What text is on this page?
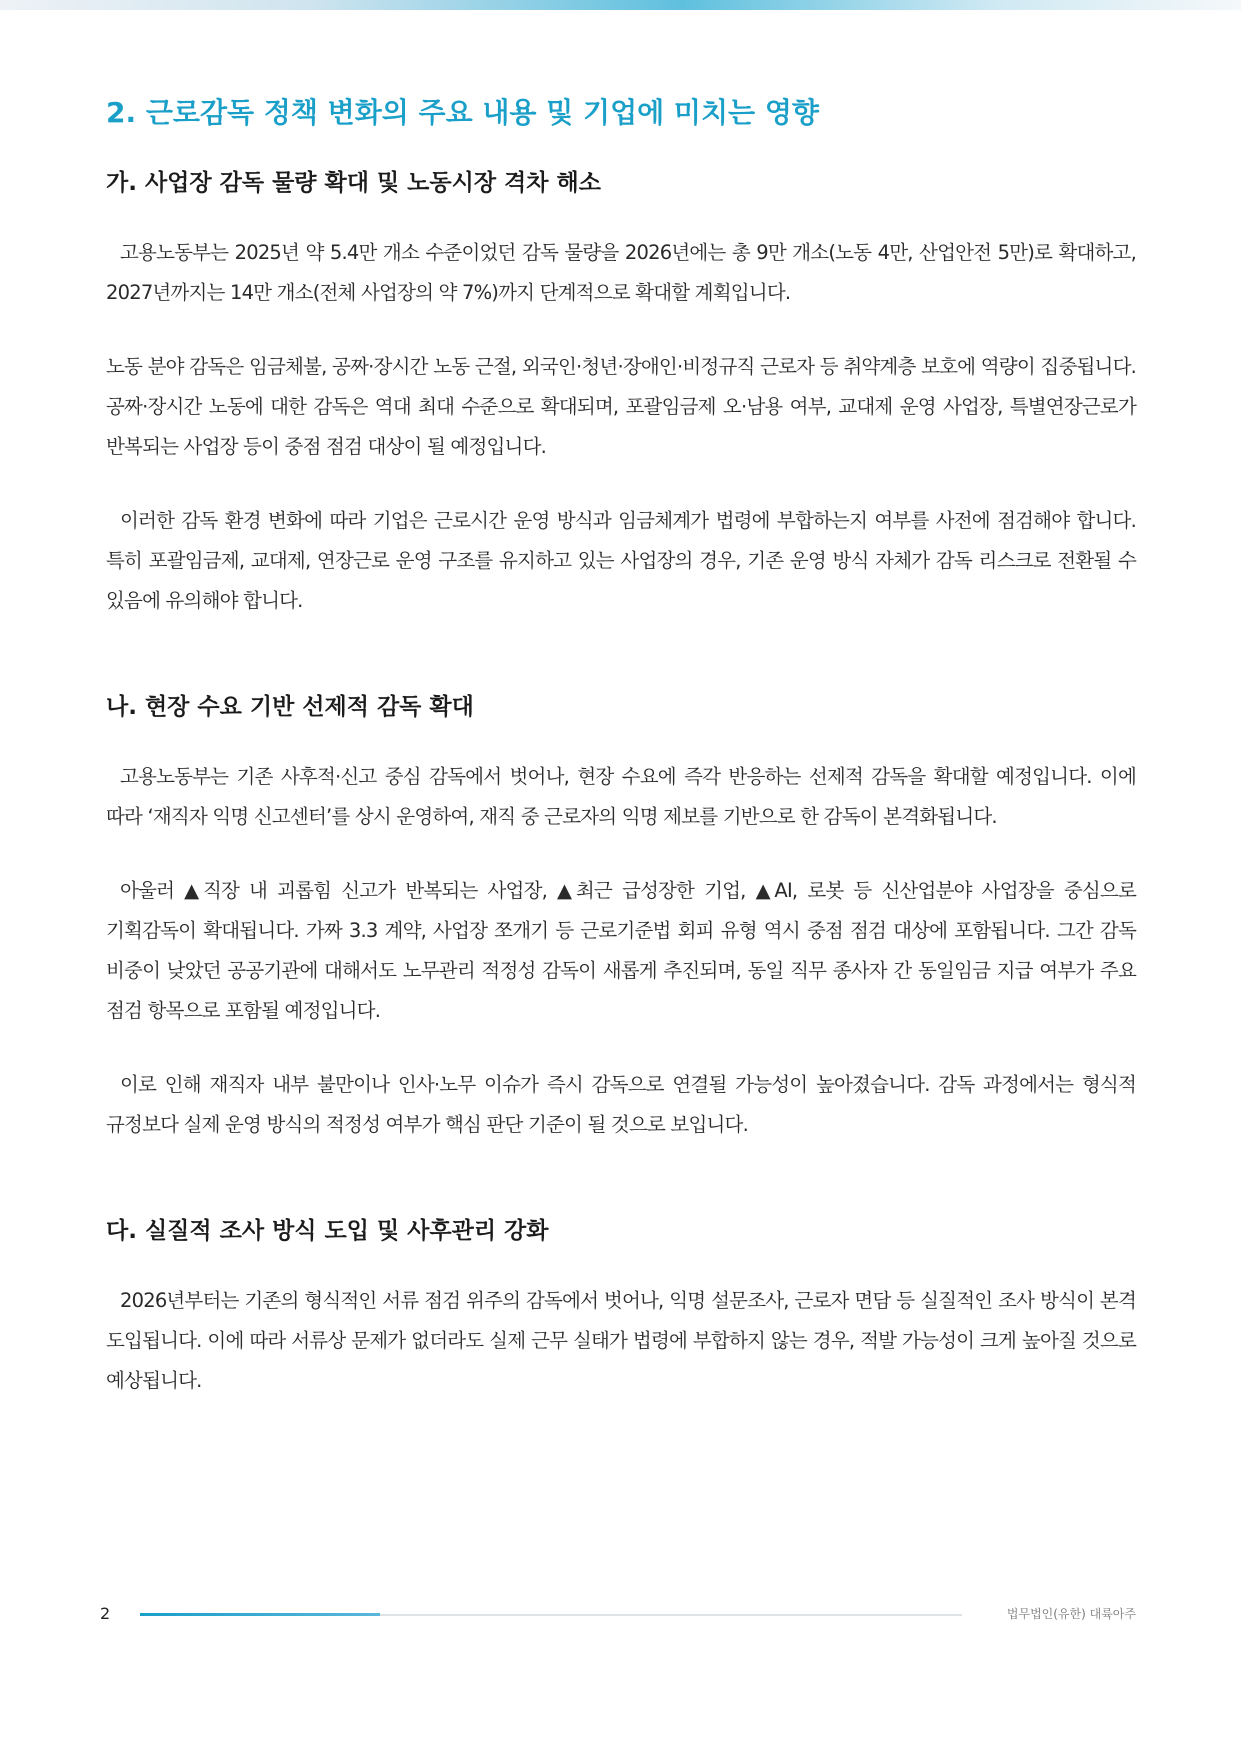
2. 근로감독 정책 변화의 주요 내용 및 기업에 미치는 영향
가. 사업장 감독 물량 확대 및 노동시장 격차 해소

고용노동부는 2025년 약 5.4만 개소 수준이었던 감독 물량을 2026년에는 총 9만 개소(노동 4만, 산업안전 5만)로 확대하고, 2027년까지는 14만 개소(전체 사업장의 약 7%)까지 단계적으로 확대할 계획입니다.

노동 분야 감독은 임금체불, 공짜·장시간 노동 근절, 외국인·청년·장애인·비정규직 근로자 등 취약계층 보호에 역량이 집중됩니다. 공짜·장시간 노동에 대한 감독은 역대 최대 수준으로 확대되며, 포괄임금제 오·남용 여부, 교대제 운영 사업장, 특별연장근로가 반복되는 사업장 등이 중점 점검 대상이 될 예정입니다.

이러한 감독 환경 변화에 따라 기업은 근로시간 운영 방식과 임금체계가 법령에 부합하는지 여부를 사전에 점검해야 합니다. 특히 포괄임금제, 교대제, 연장근로 운영 구조를 유지하고 있는 사업장의 경우, 기존 운영 방식 자체가 감독 리스크로 전환될 수 있음에 유의해야 합니다.

나. 현장 수요 기반 선제적 감독 확대

고용노동부는 기존 사후적·신고 중심 감독에서 벗어나, 현장 수요에 즉각 반응하는 선제적 감독을 확대할 예정입니다. 이에 따라 ‘재직자 익명 신고센터’를 상시 운영하여, 재직 중 근로자의 익명 제보를 기반으로 한 감독이 본격화됩니다.

아울러 ▲직장 내 괴롭힘 신고가 반복되는 사업장, ▲최근 급성장한 기업, ▲AI, 로봇 등 신산업분야 사업장을 중심으로 기획감독이 확대됩니다. 가짜 3.3 계약, 사업장 쪼개기 등 근로기준법 회피 유형 역시 중점 점검 대상에 포함됩니다. 그간 감독 비중이 낮았던 공공기관에 대해서도 노무관리 적정성 감독이 새롭게 추진되며, 동일 직무 종사자 간 동일임금 지급 여부가 주요 점검 항목으로 포함될 예정입니다.

이로 인해 재직자 내부 불만이나 인사·노무 이슈가 즉시 감독으로 연결될 가능성이 높아졌습니다. 감독 과정에서는 형식적 규정보다 실제 운영 방식의 적정성 여부가 핵심 판단 기준이 될 것으로 보입니다.

다. 실질적 조사 방식 도입 및 사후관리 강화

2026년부터는 기존의 형식적인 서류 점검 위주의 감독에서 벗어나, 익명 설문조사, 근로자 면담 등 실질적인 조사 방식이 본격 도입됩니다. 이에 따라 서류상 문제가 없더라도 실제 근무 실태가 법령에 부합하지 않는 경우, 적발 가능성이 크게 높아질 것으로 예상됩니다.

2	법무법인(유한) 대륙아주
